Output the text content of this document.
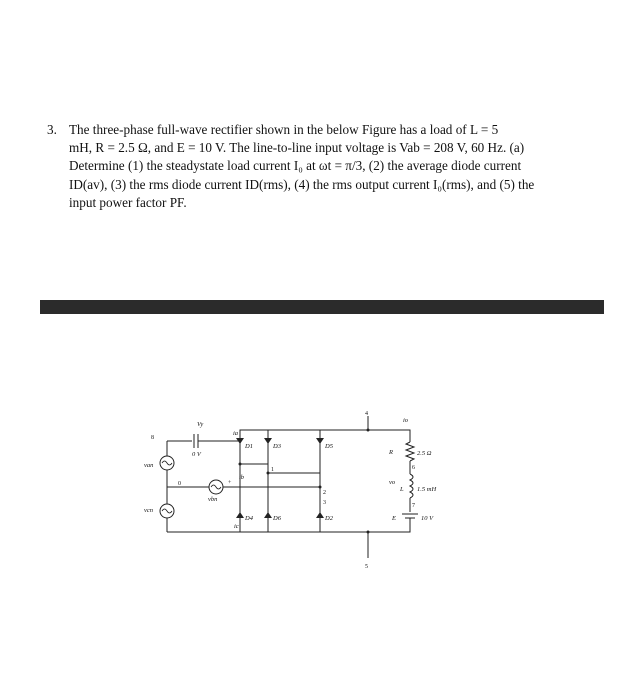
3. The three-phase full-wave rectifier shown in the below Figure has a load of L = 5
mH, R = 2.5 Ω, and E = 10 V. The line-to-line input voltage is Vab = 208 V, 60 Hz. (a)
Determine (1) the steadystate load current I₀ at ωt = π/3, (2) the average diode current
ID(av), (3) the rms diode current ID(rms), (4) the rms output current I₀(rms), and (5) the
input power factor PF.
Vy
0 V
ia
ib
ic
io
D1	D3	D5
D4	D6	D2
R	2.5 Ω
L 1.5 mH
E	10 V
vo
van
vcn
vbn
1
2
3
4
5
6
7
8
0	+
